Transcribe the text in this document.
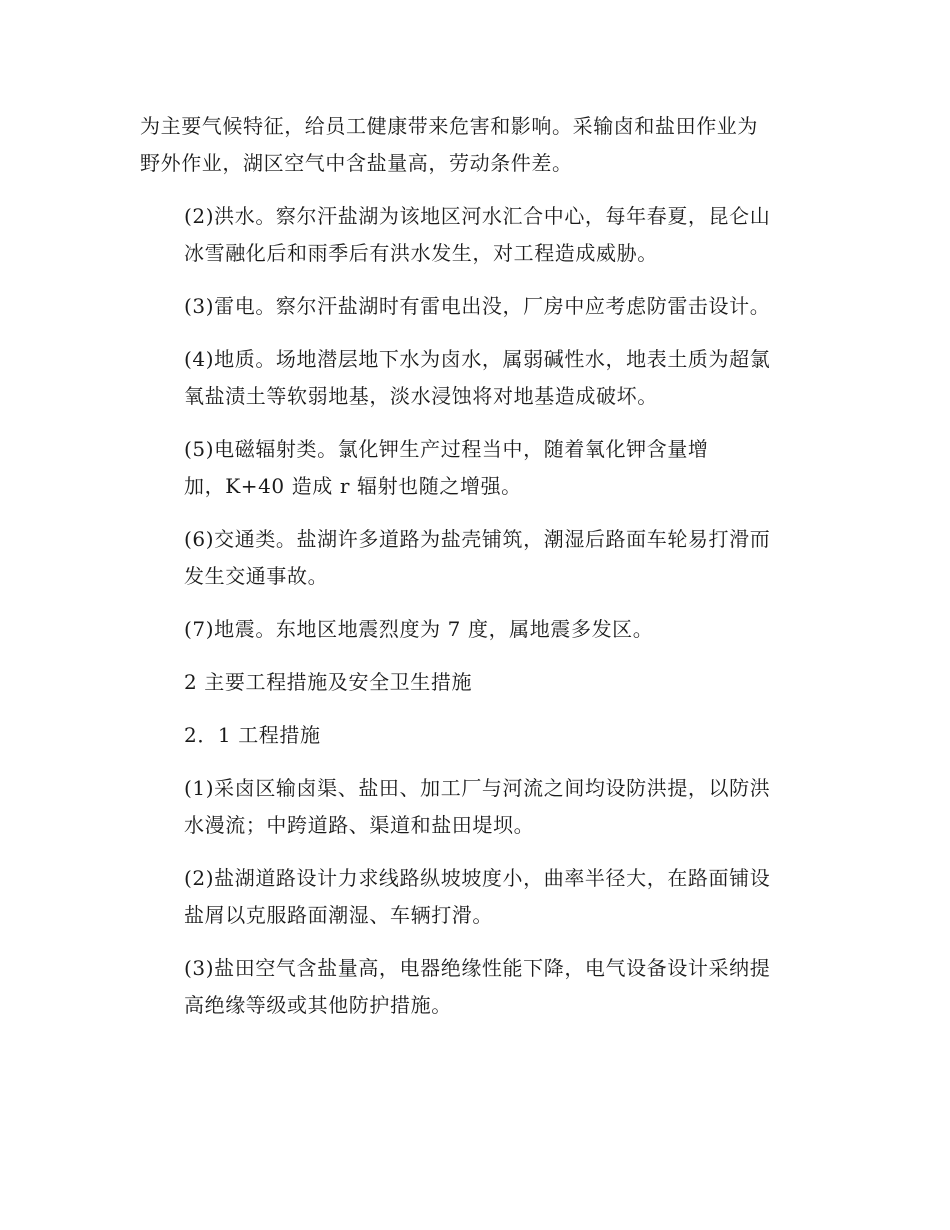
为主要气候特征，给员工健康带来危害和影响。采输卤和盐田作业为
野外作业，湖区空气中含盐量高，劳动条件差。

(2)洪水。察尔汗盐湖为该地区河水汇合中心，每年春夏，昆仑山
冰雪融化后和雨季后有洪水发生，对工程造成威胁。

(3)雷电。察尔汗盐湖时有雷电出没，厂房中应考虑防雷击设计。

(4)地质。场地潜层地下水为卤水，属弱碱性水，地表土质为超氯
氧盐渍土等软弱地基，淡水浸蚀将对地基造成破坏。

(5)电磁辐射类。氯化钾生产过程当中，随着氧化钾含量增
加，K+40 造成 r 辐射也随之增强。

(6)交通类。盐湖许多道路为盐壳铺筑，潮湿后路面车轮易打滑而
发生交通事故。

(7)地震。东地区地震烈度为 7 度，属地震多发区。

2 主要工程措施及安全卫生措施

2．1 工程措施

(1)采卤区输卤渠、盐田、加工厂与河流之间均设防洪提，以防洪
水漫流；中跨道路、渠道和盐田堤坝。

(2)盐湖道路设计力求线路纵坡坡度小，曲率半径大，在路面铺设
盐屑以克服路面潮湿、车辆打滑。

(3)盐田空气含盐量高，电器绝缘性能下降，电气设备设计采纳提
高绝缘等级或其他防护措施。
